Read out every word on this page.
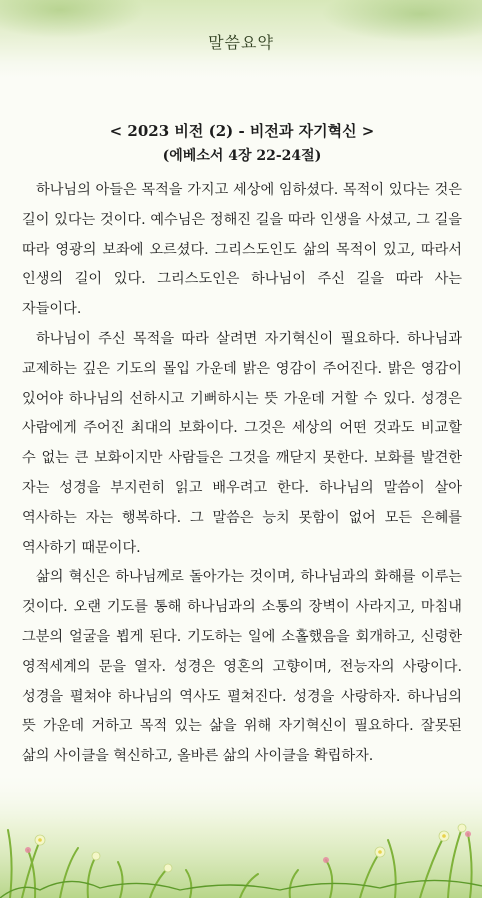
말씀요약
< 2023 비전 (2) - 비전과 자기혁신 >
(에베소서 4장 22-24절)

하나님의 아들은 목적을 가지고 세상에 임하셨다. 목적이 있다는 것은 길이 있다는 것이다. 예수님은 정해진 길을 따라 인생을 사셨고, 그 길을 따라 영광의 보좌에 오르셨다. 그리스도인도 삶의 목적이 있고, 따라서 인생의 길이 있다. 그리스도인은 하나님이 주신 길을 따라 사는 자들이다.

하나님이 주신 목적을 따라 살려면 자기혁신이 필요하다. 하나님과 교제하는 깊은 기도의 몰입 가운데 밝은 영감이 주어진다. 밝은 영감이 있어야 하나님의 선하시고 기뻐하시는 뜻 가운데 거할 수 있다. 성경은 사람에게 주어진 최대의 보화이다. 그것은 세상의 어떤 것과도 비교할 수 없는 큰 보화이지만 사람들은 그것을 깨닫지 못한다. 보화를 발견한 자는 성경을 부지런히 읽고 배우려고 한다. 하나님의 말씀이 살아 역사하는 자는 행복하다. 그 말씀은 능치 못함이 없어 모든 은혜를 역사하기 때문이다.

삶의 혁신은 하나님께로 돌아가는 것이며, 하나님과의 화해를 이루는 것이다. 오랜 기도를 통해 하나님과의 소통의 장벽이 사라지고, 마침내 그분의 얼굴을 뵙게 된다. 기도하는 일에 소홀했음을 회개하고, 신령한 영적세계의 문을 열자. 성경은 영혼의 고향이며, 전능자의 사랑이다. 성경을 펼쳐야 하나님의 역사도 펼쳐진다. 성경을 사랑하자. 하나님의 뜻 가운데 거하고 목적 있는 삶을 위해 자기혁신이 필요하다. 잘못된 삶의 사이클을 혁신하고, 올바른 삶의 사이클을 확립하자.
